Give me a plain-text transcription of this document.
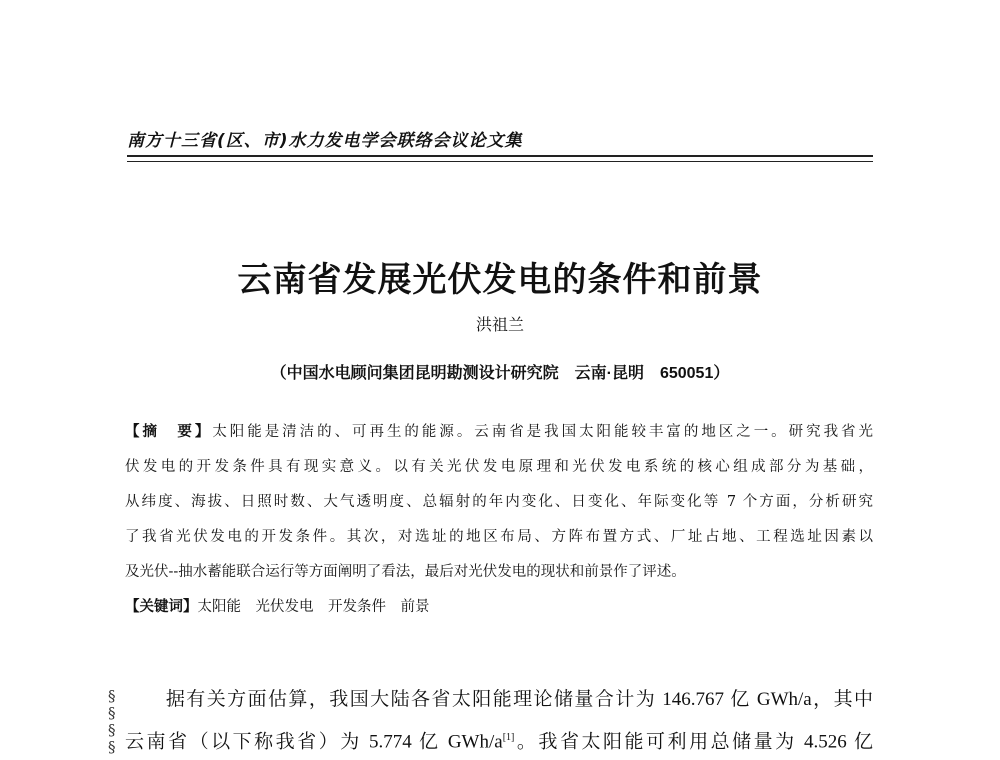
南方十三省(区、市)水力发电学会联络会议论文集
云南省发展光伏发电的条件和前景
洪祖兰
（中国水电顾问集团昆明勘测设计研究院　云南·昆明　650051）
【摘　要】太阳能是清洁的、可再生的能源。云南省是我国太阳能较丰富的地区之一。研究我省光
伏发电的开发条件具有现实意义。以有关光伏发电原理和光伏发电系统的核心组成部分为基础，
从纬度、海拔、日照时数、大气透明度、总辐射的年内变化、日变化、年际变化等 7 个方面，分析研究
了我省光伏发电的开发条件。其次，对选址的地区布局、方阵布置方式、厂址占地、工程选址因素以
及光伏--抽水蓄能联合运行等方面阐明了看法，最后对光伏发电的现状和前景作了评述。
【关键词】太阳能　光伏发电　开发条件　前景
　　据有关方面估算，我国大陆各省太阳能理论储量合计为 146.767 亿 GWh/a，其中
云南省（以下称我省）为 5.774 亿 GWh/a[1]。我省太阳能可利用总储量为 4.526 亿
§
§
§
§
